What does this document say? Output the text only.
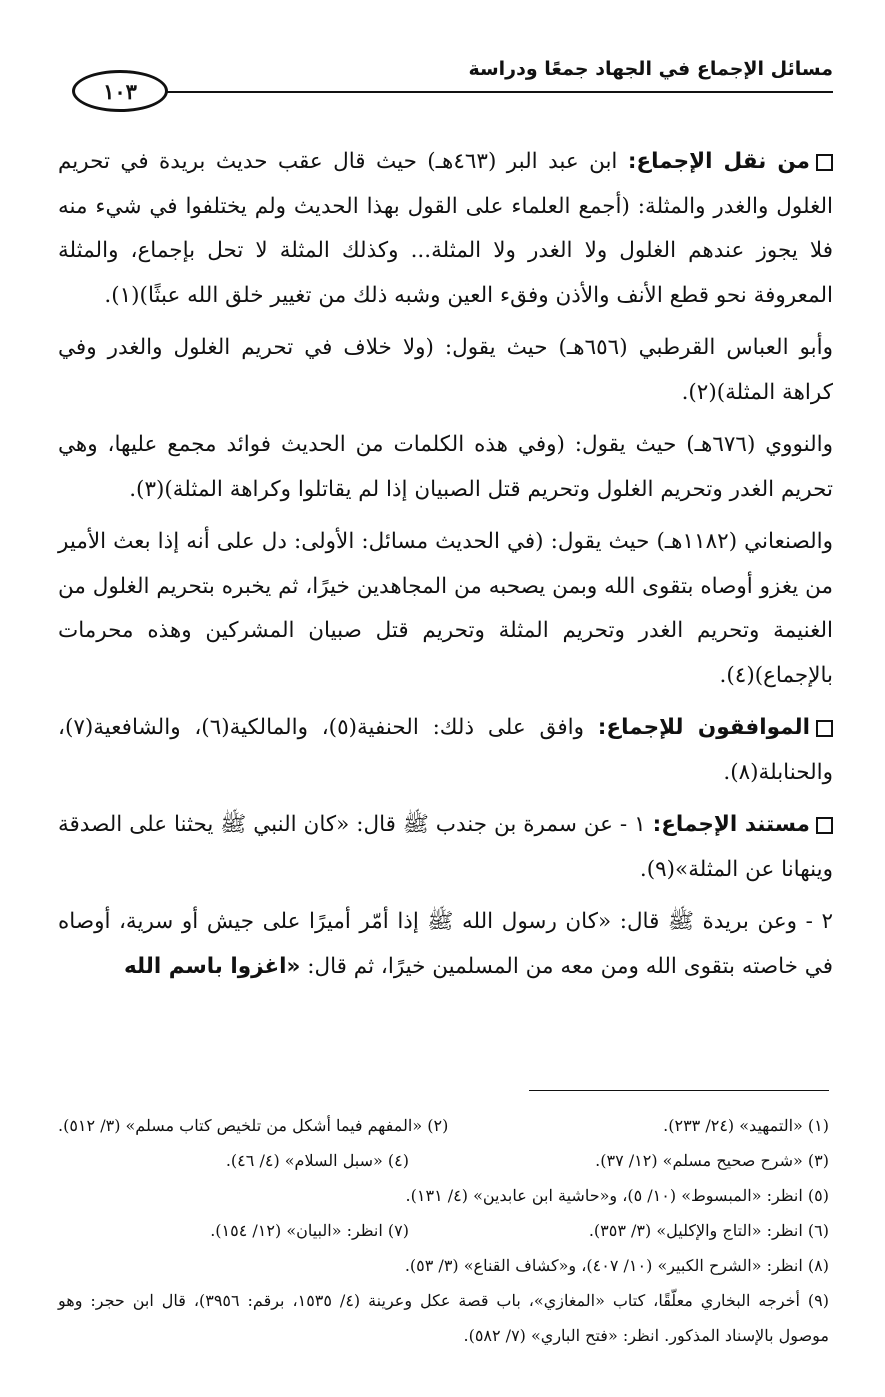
مسائل الإجماع في الجهاد جمعًا ودراسة
١٠٣

من نقل الإجماع: ابن عبد البر (٤٦٣هـ) حيث قال عقب حديث بريدة في تحريم الغلول والغدر والمثلة: (أجمع العلماء على القول بهذا الحديث ولم يختلفوا في شيء منه فلا يجوز عندهم الغلول ولا الغدر ولا المثلة... وكذلك المثلة لا تحل بإجماع، والمثلة المعروفة نحو قطع الأنف والأذن وفقء العين وشبه ذلك من تغيير خلق الله عبثًا)(١).

وأبو العباس القرطبي (٦٥٦هـ) حيث يقول: (ولا خلاف في تحريم الغلول والغدر وفي كراهة المثلة)(٢).

والنووي (٦٧٦هـ) حيث يقول: (وفي هذه الكلمات من الحديث فوائد مجمع عليها، وهي تحريم الغدر وتحريم الغلول وتحريم قتل الصبيان إذا لم يقاتلوا وكراهة المثلة)(٣).

والصنعاني (١١٨٢هـ) حيث يقول: (في الحديث مسائل: الأولى: دل على أنه إذا بعث الأمير من يغزو أوصاه بتقوى الله وبمن يصحبه من المجاهدين خيرًا، ثم يخبره بتحريم الغلول من الغنيمة وتحريم الغدر وتحريم المثلة وتحريم قتل صبيان المشركين وهذه محرمات بالإجماع)(٤).

الموافقون للإجماع: وافق على ذلك: الحنفية(٥)، والمالكية(٦)، والشافعية(٧)، والحنابلة(٨).

مستند الإجماع: ١ - عن سمرة بن جندب ﷺ قال: «كان النبي ﷺ يحثنا على الصدقة وينهانا عن المثلة»(٩).

٢ - وعن بريدة ﷺ قال: «كان رسول الله ﷺ إذا أمّر أميرًا على جيش أو سرية، أوصاه في خاصته بتقوى الله ومن معه من المسلمين خيرًا، ثم قال: «اغزوا باسم الله

(١) «التمهيد» (٢٤/ ٢٣٣).
(٢) «المفهم فيما أشكل من تلخيص كتاب مسلم» (٣/ ٥١٢).
(٣) «شرح صحيح مسلم» (١٢/ ٣٧).
(٤) «سبل السلام» (٤/ ٤٦).
(٥) انظر: «المبسوط» (١٠/ ٥)، و«حاشية ابن عابدين» (٤/ ١٣١).
(٦) انظر: «التاج والإكليل» (٣/ ٣٥٣).
(٧) انظر: «البيان» (١٢/ ١٥٤).
(٨) انظر: «الشرح الكبير» (١٠/ ٤٠٧)، و«كشاف القناع» (٣/ ٥٣).
(٩) أخرجه البخاري معلّقًا، كتاب «المغازي»، باب قصة عكل وعرينة (٤/ ١٥٣٥، برقم: ٣٩٥٦)، قال ابن حجر: وهو موصول بالإسناد المذكور. انظر: «فتح الباري» (٧/ ٥٨٢).
